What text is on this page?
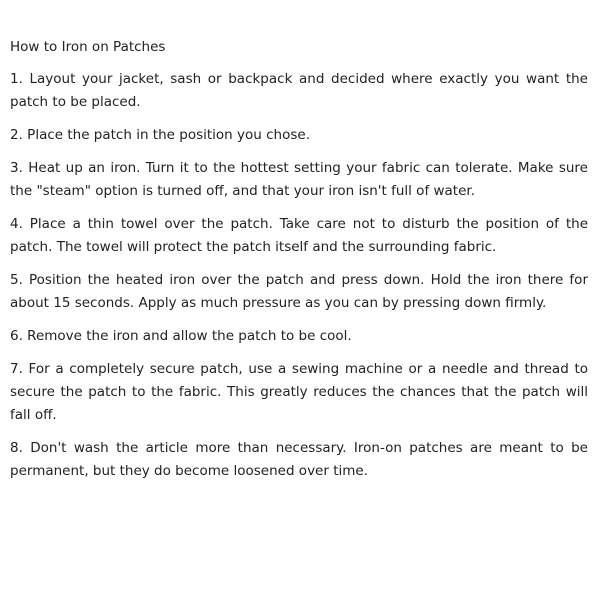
How to Iron on Patches

1. Layout your jacket, sash or backpack and decided where exactly you want the patch to be placed.

2. Place the patch in the position you chose.

3. Heat up an iron. Turn it to the hottest setting your fabric can tolerate. Make sure the "steam" option is turned off, and that your iron isn't full of water.

4. Place a thin towel over the patch. Take care not to disturb the position of the patch. The towel will protect the patch itself and the surrounding fabric.

5. Position the heated iron over the patch and press down. Hold the iron there for about 15 seconds. Apply as much pressure as you can by pressing down firmly.

6. Remove the iron and allow the patch to be cool.

7. For a completely secure patch, use a sewing machine or a needle and thread to secure the patch to the fabric. This greatly reduces the chances that the patch will fall off.

8. Don't wash the article more than necessary. Iron-on patches are meant to be permanent, but they do become loosened over time.
